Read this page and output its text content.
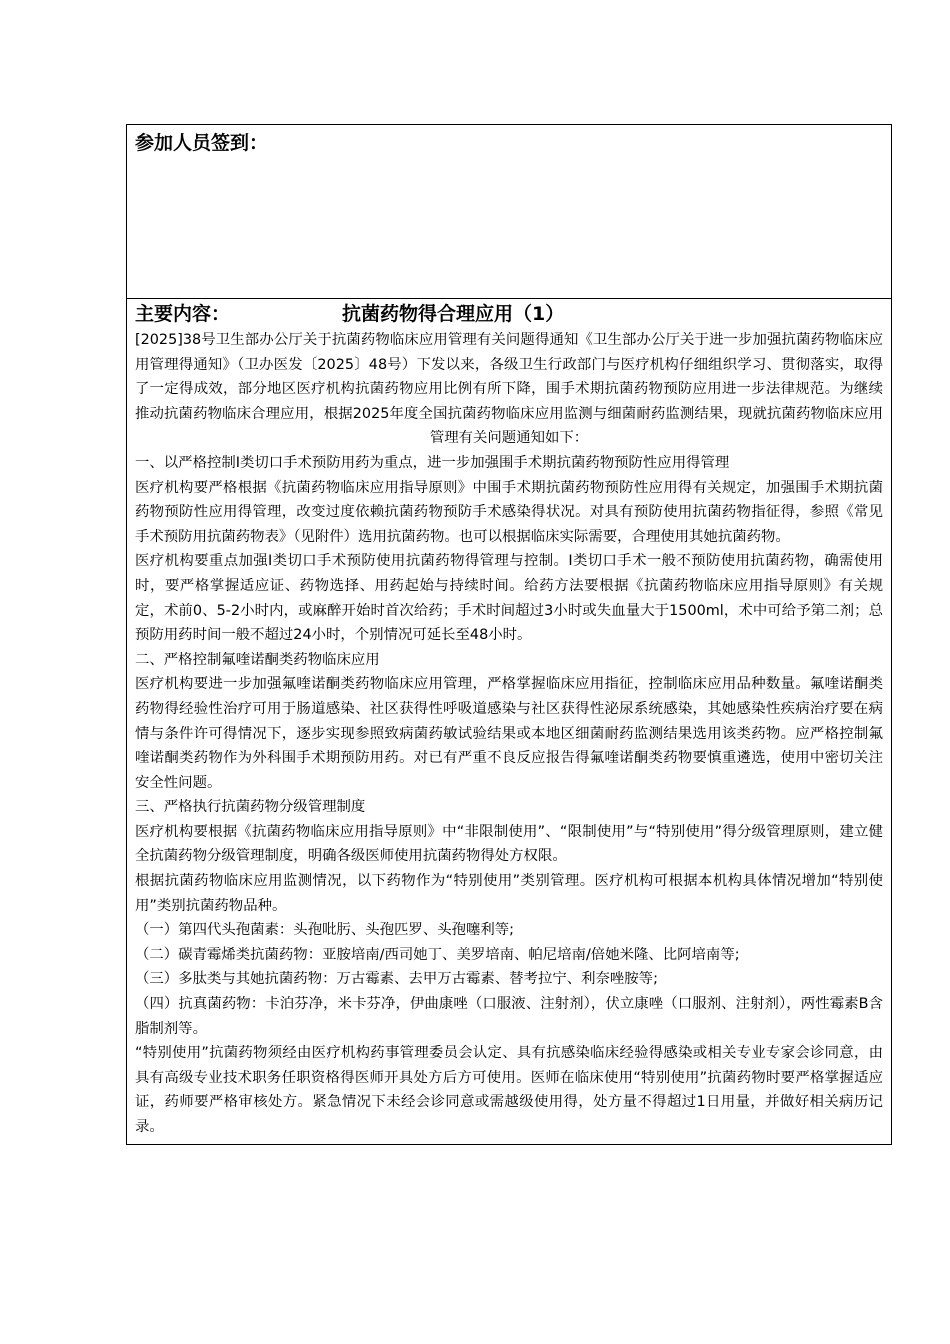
参加人员签到：
主要内容：	抗菌药物得合理应用（1）

[2025]38号卫生部办公厅关于抗菌药物临床应用管理有关问题得通知《卫生部办公厅关于进一步加强抗菌药物临床应用管理得通知》（卫办医发〔2025〕48号）下发以来，各级卫生行政部门与医疗机构仔细组织学习、贯彻落实，取得了一定得成效，部分地区医疗机构抗菌药物应用比例有所下降，围手术期抗菌药物预防应用进一步法律规范。为继续推动抗菌药物临床合理应用，根据2025年度全国抗菌药物临床应用监测与细菌耐药监测结果，现就抗菌药物临床应用管理有关问题通知如下：

一、以严格控制Ⅰ类切口手术预防用药为重点，进一步加强围手术期抗菌药物预防性应用得管理

医疗机构要严格根据《抗菌药物临床应用指导原则》中围手术期抗菌药物预防性应用得有关规定，加强围手术期抗菌药物预防性应用得管理，改变过度依赖抗菌药物预防手术感染得状况。对具有预防使用抗菌药物指征得，参照《常见手术预防用抗菌药物表》（见附件）选用抗菌药物。也可以根据临床实际需要，合理使用其她抗菌药物。

医疗机构要重点加强Ⅰ类切口手术预防使用抗菌药物得管理与控制。Ⅰ类切口手术一般不预防使用抗菌药物，确需使用时，要严格掌握适应证、药物选择、用药起始与持续时间。给药方法要根据《抗菌药物临床应用指导原则》有关规定，术前0、5-2小时内，或麻醉开始时首次给药；手术时间超过3小时或失血量大于1500ml，术中可给予第二剂；总预防用药时间一般不超过24小时，个别情况可延长至48小时。

二、严格控制氟喹诺酮类药物临床应用

医疗机构要进一步加强氟喹诺酮类药物临床应用管理，严格掌握临床应用指征，控制临床应用品种数量。氟喹诺酮类药物得经验性治疗可用于肠道感染、社区获得性呼吸道感染与社区获得性泌尿系统感染，其她感染性疾病治疗要在病情与条件许可得情况下，逐步实现参照致病菌药敏试验结果或本地区细菌耐药监测结果选用该类药物。应严格控制氟喹诺酮类药物作为外科围手术期预防用药。对已有严重不良反应报告得氟喹诺酮类药物要慎重遴选，使用中密切关注安全性问题。

三、严格执行抗菌药物分级管理制度

医疗机构要根据《抗菌药物临床应用指导原则》中“非限制使用”、“限制使用”与“特别使用”得分级管理原则，建立健全抗菌药物分级管理制度，明确各级医师使用抗菌药物得处方权限。

根据抗菌药物临床应用监测情况，以下药物作为“特别使用”类别管理。医疗机构可根据本机构具体情况增加“特别使用”类别抗菌药物品种。

（一）第四代头孢菌素：头孢吡肟、头孢匹罗、头孢噻利等;

（二）碳青霉烯类抗菌药物：亚胺培南/西司她丁、美罗培南、帕尼培南/倍她米隆、比阿培南等;

（三）多肽类与其她抗菌药物：万古霉素、去甲万古霉素、替考拉宁、利奈唑胺等;

（四）抗真菌药物：卡泊芬净，米卡芬净，伊曲康唑（口服液、注射剂），伏立康唑（口服剂、注射剂），两性霉素B含脂制剂等。

“特别使用”抗菌药物须经由医疗机构药事管理委员会认定、具有抗感染临床经验得感染或相关专业专家会诊同意，由具有高级专业技术职务任职资格得医师开具处方后方可使用。医师在临床使用“特别使用”抗菌药物时要严格掌握适应证，药师要严格审核处方。紧急情况下未经会诊同意或需越级使用得，处方量不得超过1日用量，并做好相关病历记录。
